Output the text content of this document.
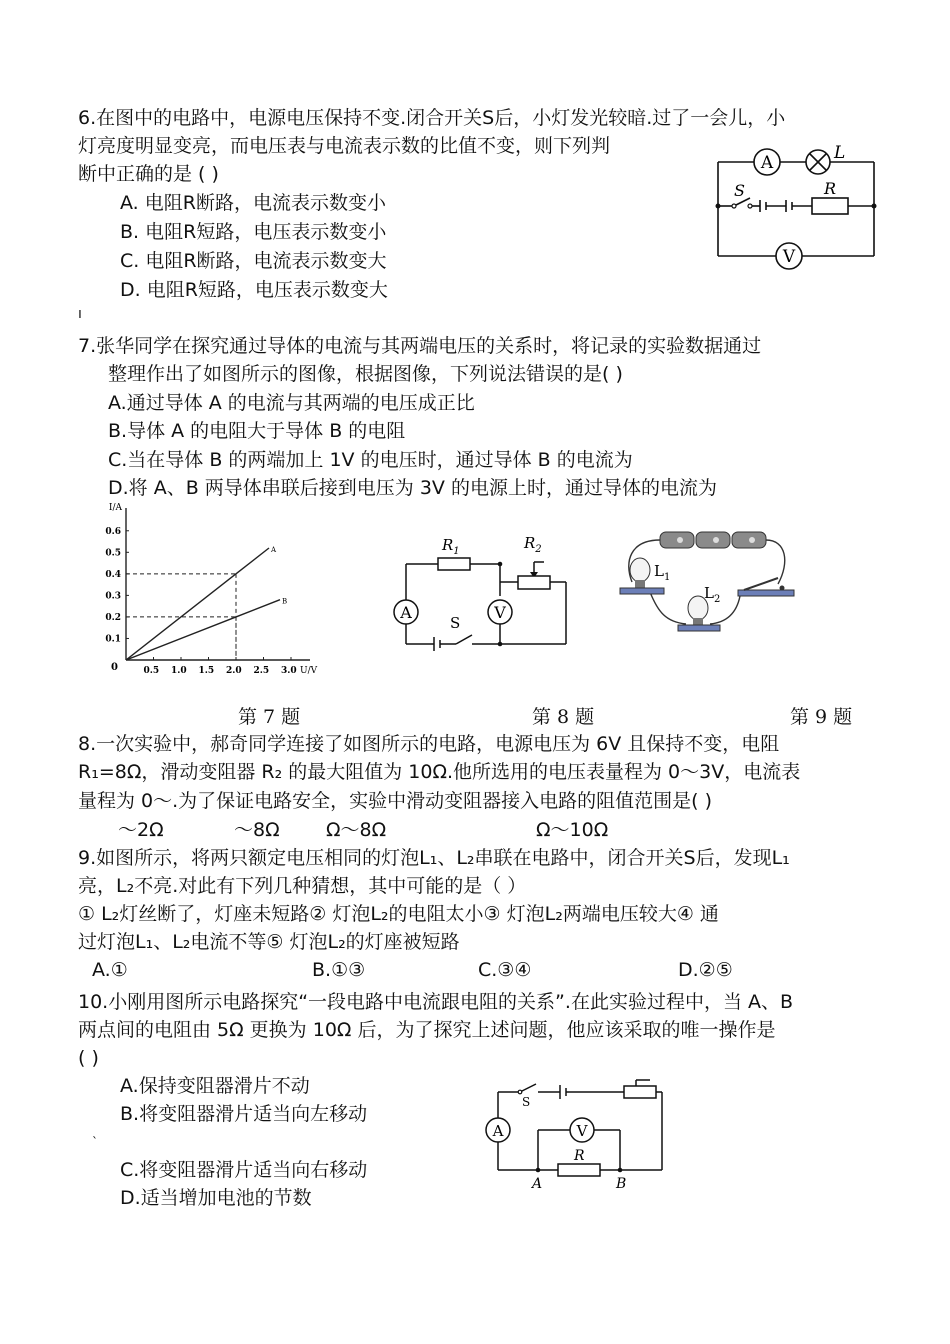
6.在图中的电路中，电源电压保持不变.闭合开关S后，小灯发光较暗.过了一会儿，小
灯亮度明显变亮，而电压表与电流表示数的比值不变，则下列判
断中正确的是 ( )
A. 电阻R断路，电流表示数变小
B. 电阻R短路，电压表示数变小
C. 电阻R断路，电流表示数变大
D. 电阻R短路，电压表示数变大
ı
A	L
S	R
V
7.张华同学在探究通过导体的电流与其两端电压的关系时，将记录的实验数据通过
整理作出了如图所示的图像，根据图像，下列说法错误的是( )
A.通过导体 A 的电流与其两端的电压成正比
B.导体 A 的电阻大于导体 B 的电阻
C.当在导体 B 的两端加上 1V 的电压时，通过导体 B 的电流为
D.将 A、B 两导体串联后接到电压为 3V 的电源上时，通过导体的电流为
I/A
U/V
0	0.5 1.0 1.5 2.0 2.5 3.0
0.1
0.2
0.3
0.4
0.5
0.6
A
B
A	V
$R_1$	$R_2$
S
$L_1$
$L_2$
第 7 题	第 8 题	第 9 题
8.一次实验中，郝奇同学连接了如图所示的电路，电源电压为 6V 且保持不变，电阻
R₁=8Ω，滑动变阻器 R₂ 的最大阻值为 10Ω.他所选用的电压表量程为 0～3V，电流表
量程为 0～.为了保证电路安全，实验中滑动变阻器接入电路的阻值范围是( )
～2Ω	～8Ω Ω～8Ω	Ω～10Ω
9.如图所示，将两只额定电压相同的灯泡L₁、L₂串联在电路中，闭合开关S后，发现L₁
亮，L₂不亮.对此有下列几种猜想，其中可能的是（ ）
① L₂灯丝断了，灯座未短路② 灯泡L₂的电阻太小③ 灯泡L₂两端电压较大④ 通
过灯泡L₁、L₂电流不等⑤ 灯泡L₂的灯座被短路
A.①	B.①③	C.③④	D.②⑤
10.小刚用图所示电路探究“一段电路中电流跟电阻的关系”.在此实验过程中，当 A、B
两点间的电阻由 5Ω 更换为 10Ω 后，为了探究上述问题，他应该采取的唯一操作是
( )
A.保持变阻器滑片不动
B.将变阻器滑片适当向左移动
ˋ
C.将变阻器滑片适当向右移动
D.适当增加电池的节数
A	V
S
R
A	B
